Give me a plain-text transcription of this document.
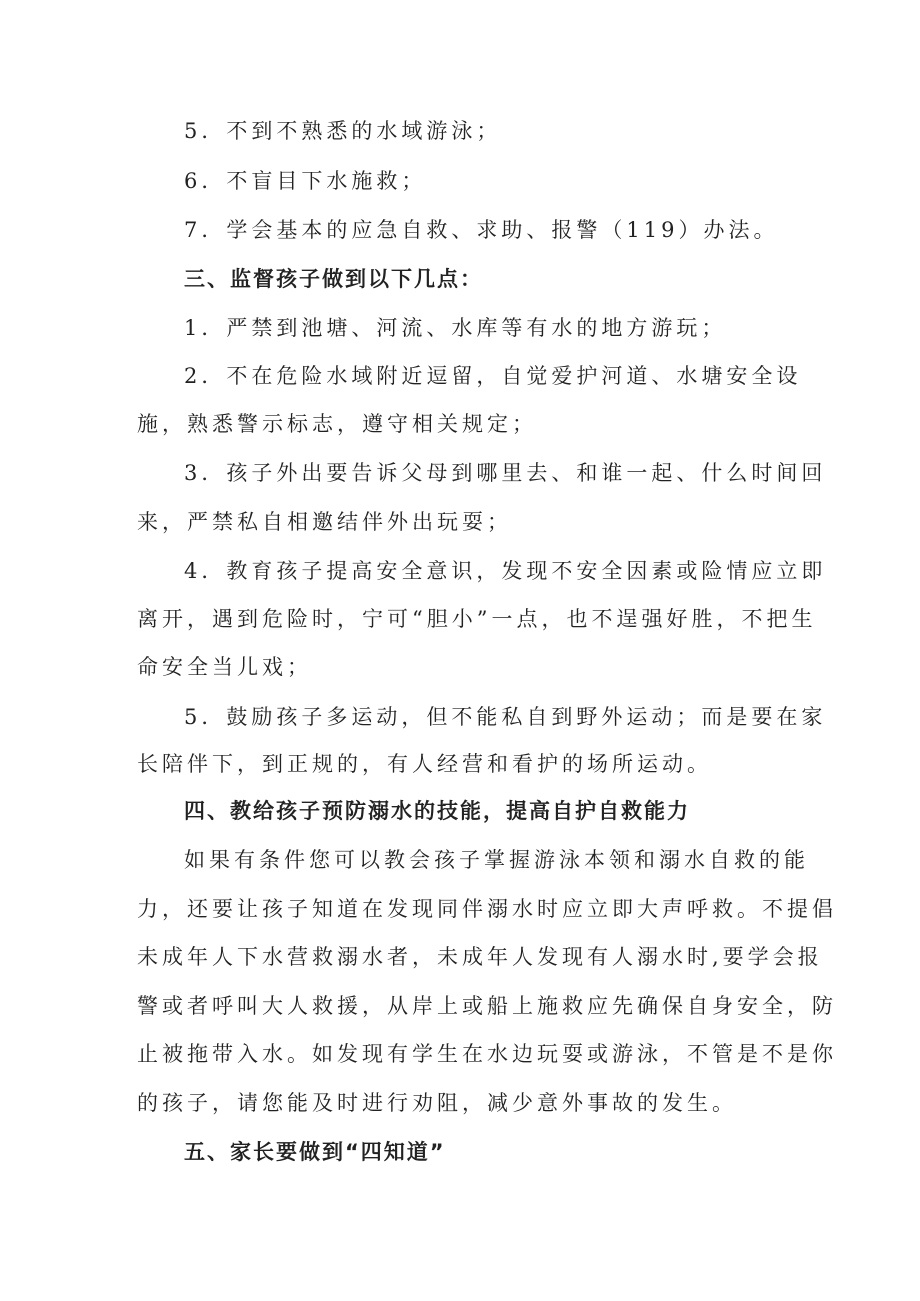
5．不到不熟悉的水域游泳；

6．不盲目下水施救；

7．学会基本的应急自救、求助、报警（119）办法。

三、监督孩子做到以下几点：

1．严禁到池塘、河流、水库等有水的地方游玩；

2．不在危险水域附近逗留，自觉爱护河道、水塘安全设

施，熟悉警示标志，遵守相关规定；

3．孩子外出要告诉父母到哪里去、和谁一起、什么时间回

来，严禁私自相邀结伴外出玩耍；

4．教育孩子提高安全意识，发现不安全因素或险情应立即

离开，遇到危险时，宁可“胆小”一点，也不逞强好胜，不把生

命安全当儿戏；

5．鼓励孩子多运动，但不能私自到野外运动；而是要在家

长陪伴下，到正规的，有人经营和看护的场所运动。

四、教给孩子预防溺水的技能，提高自护自救能力

如果有条件您可以教会孩子掌握游泳本领和溺水自救的能

力，还要让孩子知道在发现同伴溺水时应立即大声呼救。不提倡

未成年人下水营救溺水者，未成年人发现有人溺水时,要学会报

警或者呼叫大人救援，从岸上或船上施救应先确保自身安全，防

止被拖带入水。如发现有学生在水边玩耍或游泳，不管是不是你

的孩子，请您能及时进行劝阻，减少意外事故的发生。

五、家长要做到“四知道”
